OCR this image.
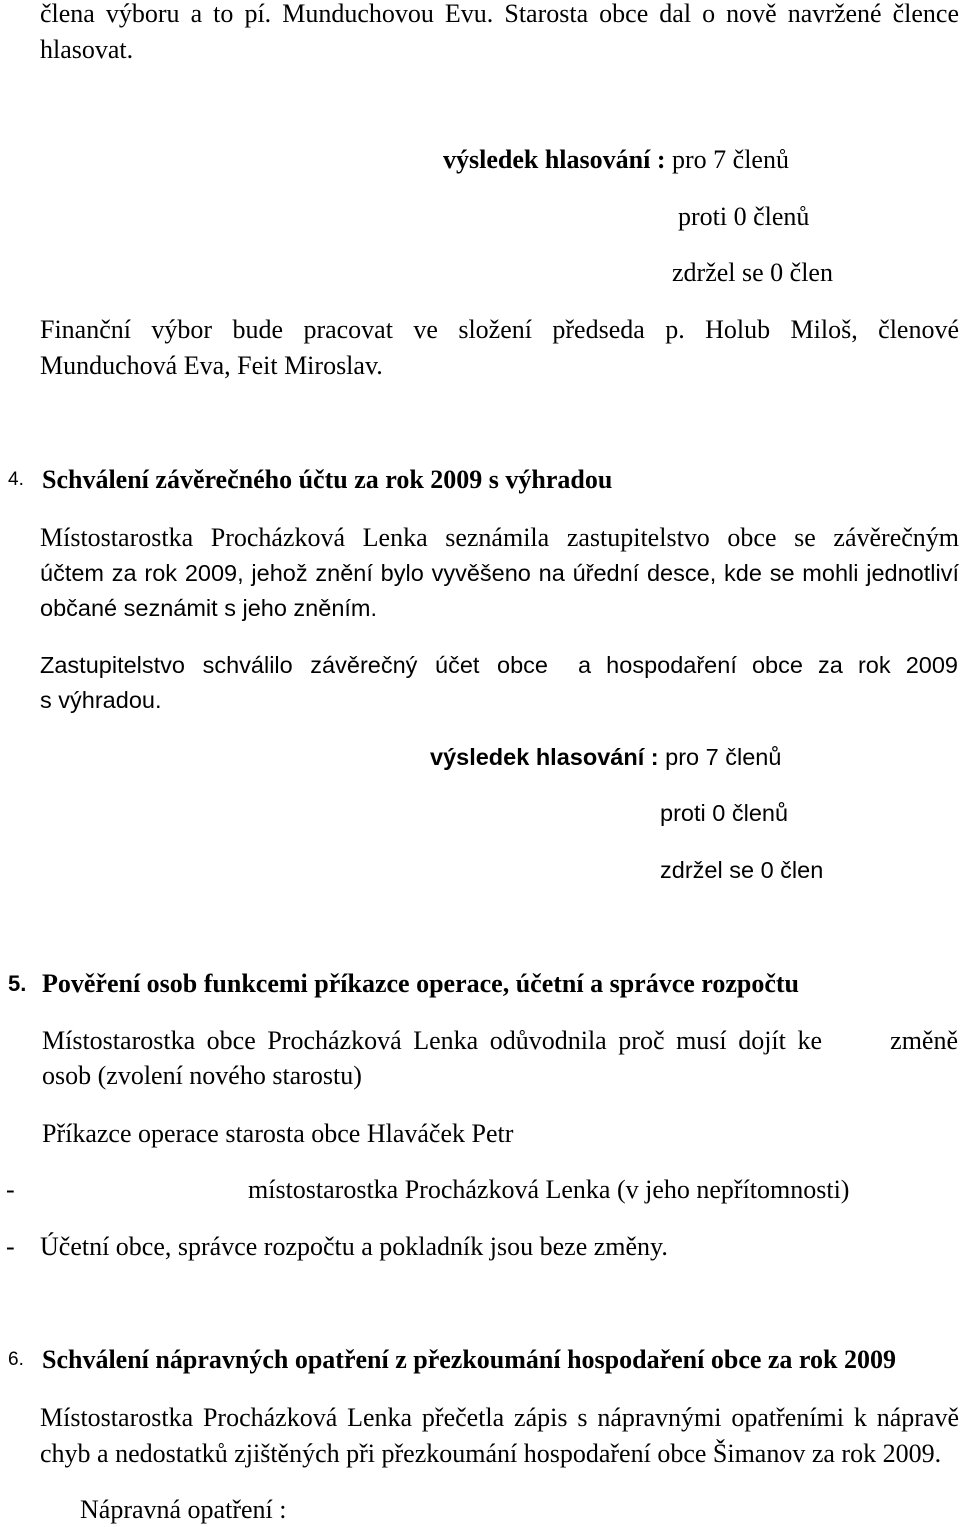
člena výboru a to pí. Munduchovou Evu. Starosta obce dal o nově navržené člence
hlasovat.
výsledek hlasování : pro 7 členů
proti 0 členů
zdržel se 0 člen
Finanční výbor bude pracovat ve složení předseda p. Holub Miloš, členové
Munduchová Eva, Feit Miroslav.
4. Schválení závěrečného účtu za rok 2009 s výhradou
Místostarostka Procházková Lenka seznámila zastupitelstvo obce se závěrečným
účtem za rok 2009, jehož znění bylo vyvěšeno na úřední desce, kde se mohli jednotliví
občané seznámit s jeho zněním.
Zastupitelstvo schválilo závěrečný účet obce a hospodaření obce za rok 2009
s výhradou.
výsledek hlasování : pro 7 členů
proti 0 členů
zdržel se 0 člen
5. Pověření osob funkcemi příkazce operace, účetní a správce rozpočtu
Místostarostka obce Procházková Lenka odůvodnila proč musí dojít ke	změně
osob (zvolení nového starostu)
Příkazce operace starosta obce Hlaváček Petr
-	místostarostka Procházková Lenka (v jeho nepřítomnosti)
- Účetní obce, správce rozpočtu a pokladník jsou beze změny.
6. Schválení nápravných opatření z přezkoumání hospodaření obce za rok 2009
Místostarostka Procházková Lenka přečetla zápis s nápravnými opatřeními k nápravě
chyb a nedostatků zjištěných při přezkoumání hospodaření obce Šimanov za rok 2009.
Nápravná opatření :
